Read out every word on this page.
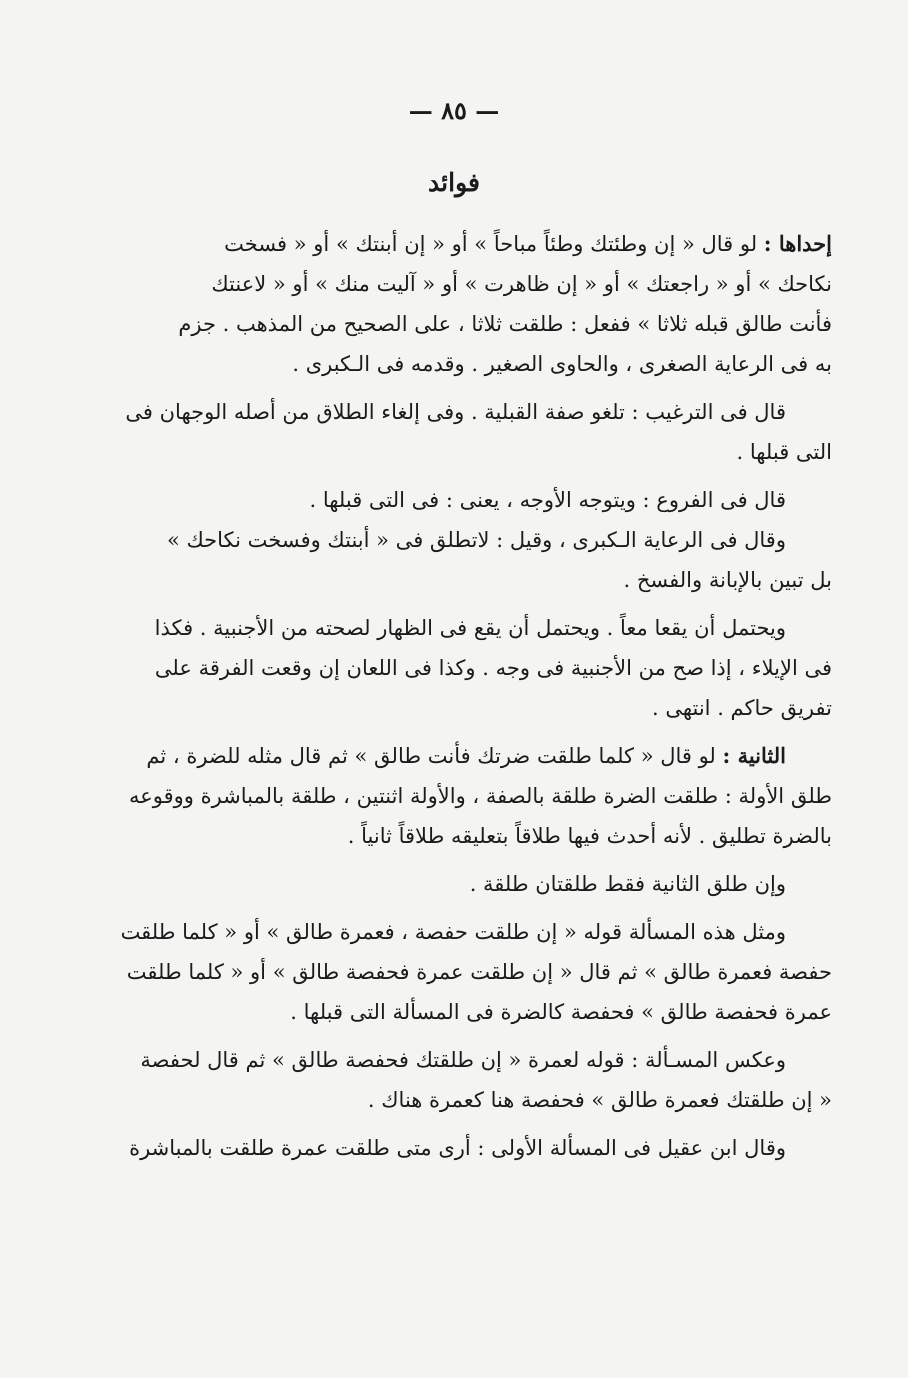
— ٨٥ —
فوائد
إحداها : لو قال « إن وطئتك وطئاً مباحاً » أو « إن أبنتك » أو « فسخت
نكاحك » أو « راجعتك » أو « إن ظاهرت » أو « آليت منك » أو « لاعنتك
فأنت طالق قبله ثلاثا » ففعل : طلقت ثلاثا ، على الصحيح من المذهب . جزم
به فى الرعاية الصغرى ، والحاوى الصغير . وقدمه فى الـكبرى .
قال فى الترغيب : تلغو صفة القبلية . وفى إلغاء الطلاق من أصله الوجهان فى
التى قبلها .
قال فى الفروع : ويتوجه الأوجه ، يعنى : فى التى قبلها .
وقال فى الرعاية الـكبرى ، وقيل : لاتطلق فى « أبنتك وفسخت نكاحك »
بل تبين بالإبانة والفسخ .
ويحتمل أن يقعا معاً . ويحتمل أن يقع فى الظهار لصحته من الأجنبية . فكذا
فى الإيلاء ، إذا صح من الأجنبية فى وجه . وكذا فى اللعان إن وقعت الفرقة على
تفريق حاكم . انتهى .
الثانية : لو قال « كلما طلقت ضرتك فأنت طالق » ثم قال مثله للضرة ، ثم
طلق الأولة : طلقت الضرة طلقة بالصفة ، والأولة اثنتين ، طلقة بالمباشرة ووقوعه
بالضرة تطليق . لأنه أحدث فيها طلاقاً بتعليقه طلاقاً ثانياً .
وإن طلق الثانية فقط طلقتان طلقة .
ومثل هذه المسألة قوله « إن طلقت حفصة ، فعمرة طالق » أو « كلما طلقت
حفصة فعمرة طالق » ثم قال « إن طلقت عمرة فحفصة طالق » أو « كلما طلقت
عمرة فحفصة طالق » فحفصة كالضرة فى المسألة التى قبلها .
وعكس المسـألة : قوله لعمرة « إن طلقتك فحفصة طالق » ثم قال لحفصة
« إن طلقتك فعمرة طالق » فحفصة هنا كعمرة هناك .
وقال ابن عقيل فى المسألة الأولى : أرى متى طلقت عمرة طلقت بالمباشرة
